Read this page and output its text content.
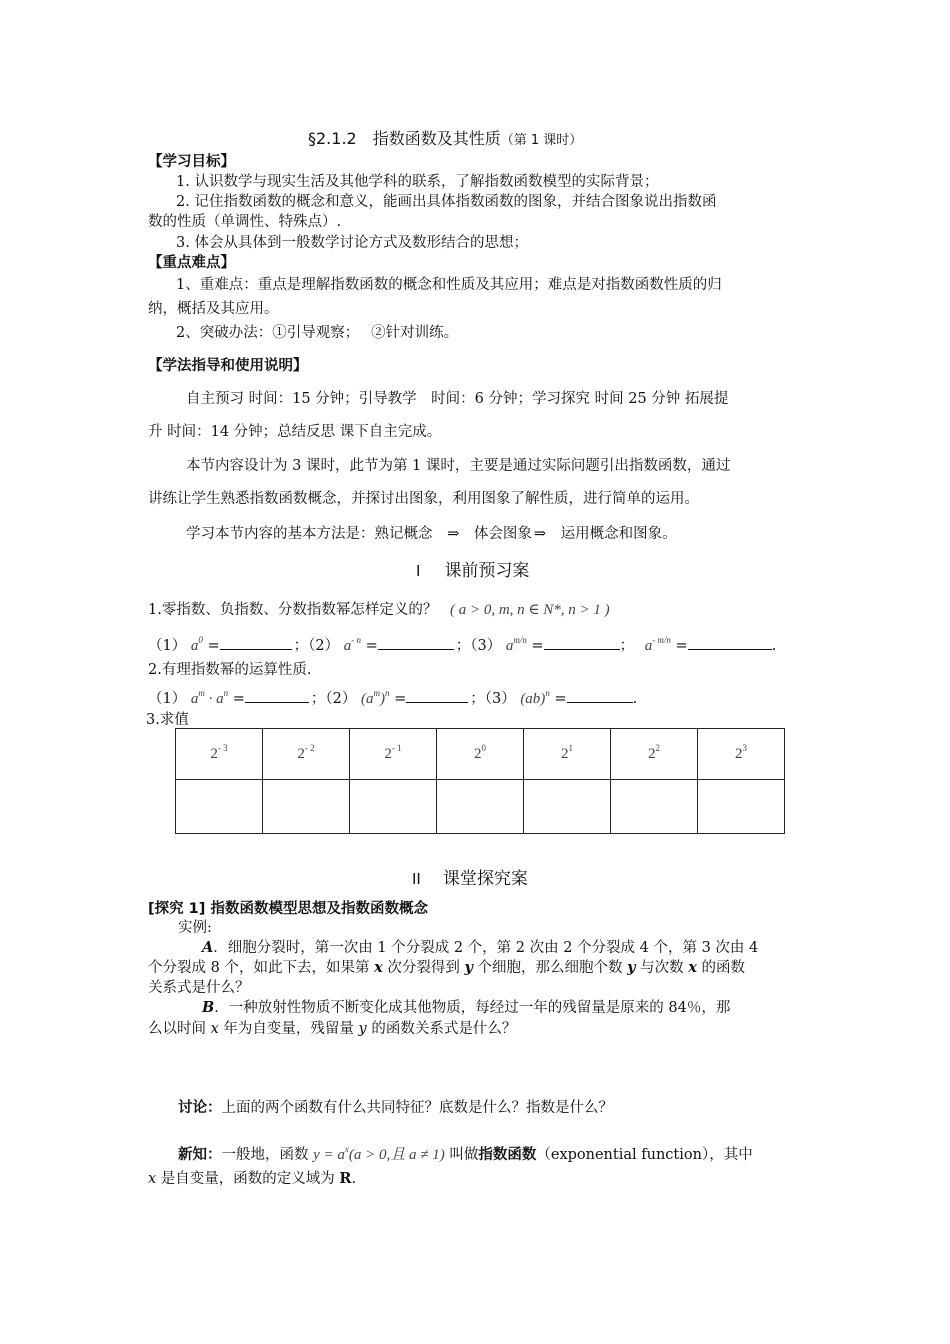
§2.1.2　指数函数及其性质（第 1 课时）
【学习目标】
1. 认识数学与现实生活及其他学科的联系，了解指数函数模型的实际背景；
2. 记住指数函数的概念和意义，能画出具体指数函数的图象，并结合图象说出指数函
数的性质（单调性、特殊点）.
3. 体会从具体到一般数学讨论方式及数形结合的思想；
【重点难点】
1、重难点：重点是理解指数函数的概念和性质及其应用；难点是对指数函数性质的归
纳，概括及其应用。
2、突破办法：①引导观察；　 ②针对训练。
【学法指导和使用说明】
自主预习 时间：15 分钟；引导教学　时间：6 分钟；学习探究 时间 25 分钟 拓展提
升 时间：14 分钟；总结反思 课下自主完成。
本节内容设计为 3 课时，此节为第 1 课时，主要是通过实际问题引出指数函数，通过
讲练让学生熟悉指数函数概念，并探讨出图象，利用图象了解性质，进行简单的运用。
学习本节内容的基本方法是：熟记概念 ⇒ 体会图象 ⇒ 运用概念和图象。
I 课前预习案
1.零指数、负指数、分数指数幂怎样定义的？ ( a > 0, m, n ∈ N*, n > 1 )
（1） $a^0$ =	；（2） $a^{- n}$ =	；（3） $a^{m/n}$ =	； $a^{- m/n}$ =	.
2.有理指数幂的运算性质.
（1） $a^m \cdot a^n$ =	；（2） $(a^m)^n$ =	；（3） (ab)$^n$ =	.
3.求值
$2^{- 3}$	$2^{- 2}$	$2^{- 1}$	$2^0$	$2^1$	$2^2$	$2^3$

II 课堂探究案
[探究 1] 指数函数模型思想及指数函数概念
实例:
A．细胞分裂时，第一次由 1 个分裂成 2 个，第 2 次由 2 个分裂成 4 个，第 3 次由 4
个分裂成 8 个，如此下去，如果第 x 次分裂得到 y 个细胞，那么细胞个数 y 与次数 x 的函数
关系式是什么？
B．一种放射性物质不断变化成其他物质，每经过一年的残留量是原来的 84％，那
么以时间 x 年为自变量，残留量 y 的函数关系式是什么？
讨论：上面的两个函数有什么共同特征？底数是什么？指数是什么？
新知：一般地，函数 $y = a^x(a > 0$,且 a ≠ 1) 叫做指数函数（exponential function），其中
x 是自变量，函数的定义域为 R.
